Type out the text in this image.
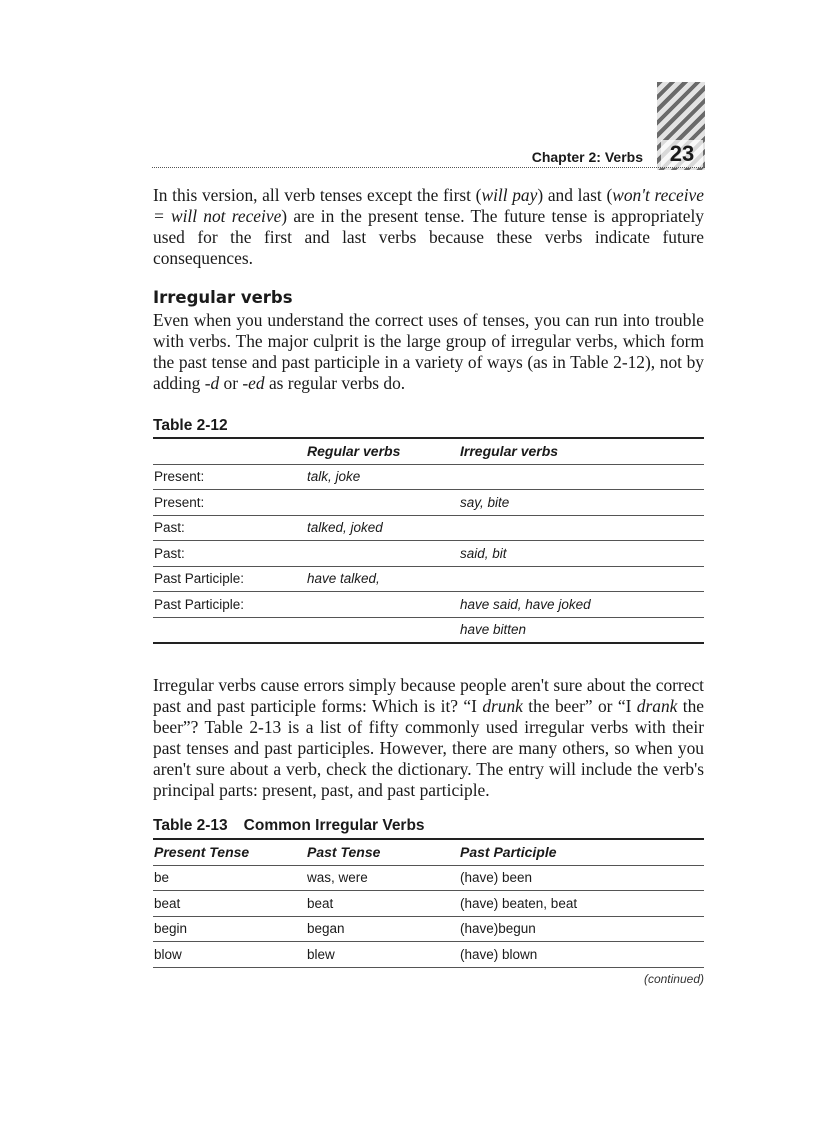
Chapter 2: Verbs	23

In this version, all verb tenses except the first (will pay) and last (won't receive = will not receive) are in the present tense. The future tense is appropriately used for the first and last verbs because these verbs indicate future consequences.

Irregular verbs

Even when you understand the correct uses of tenses, you can run into trouble with verbs. The major culprit is the large group of irregular verbs, which form the past tense and past participle in a variety of ways (as in Table 2-12), not by adding -d or -ed as regular verbs do.

Table 2-12
	Regular verbs	Irregular verbs
Present:	talk, joke	
Present:		say, bite
Past:	talked, joked	
Past:		said, bit
Past Participle:	have talked,	
Past Participle:		have said, have joked
		have bitten

Irregular verbs cause errors simply because people aren't sure about the correct past and past participle forms: Which is it? “I drunk the beer” or “I drank the beer”? Table 2-13 is a list of fifty commonly used irregular verbs with their past tenses and past participles. However, there are many others, so when you aren't sure about a verb, check the dictionary. The entry will include the verb's principal parts: present, past, and past participle.

Table 2-13 Common Irregular Verbs
Present Tense	Past Tense	Past Participle
be	was, were	(have) been
beat	beat	(have) beaten, beat
begin	began	(have)begun
blow	blew	(have) blown
(continued)
